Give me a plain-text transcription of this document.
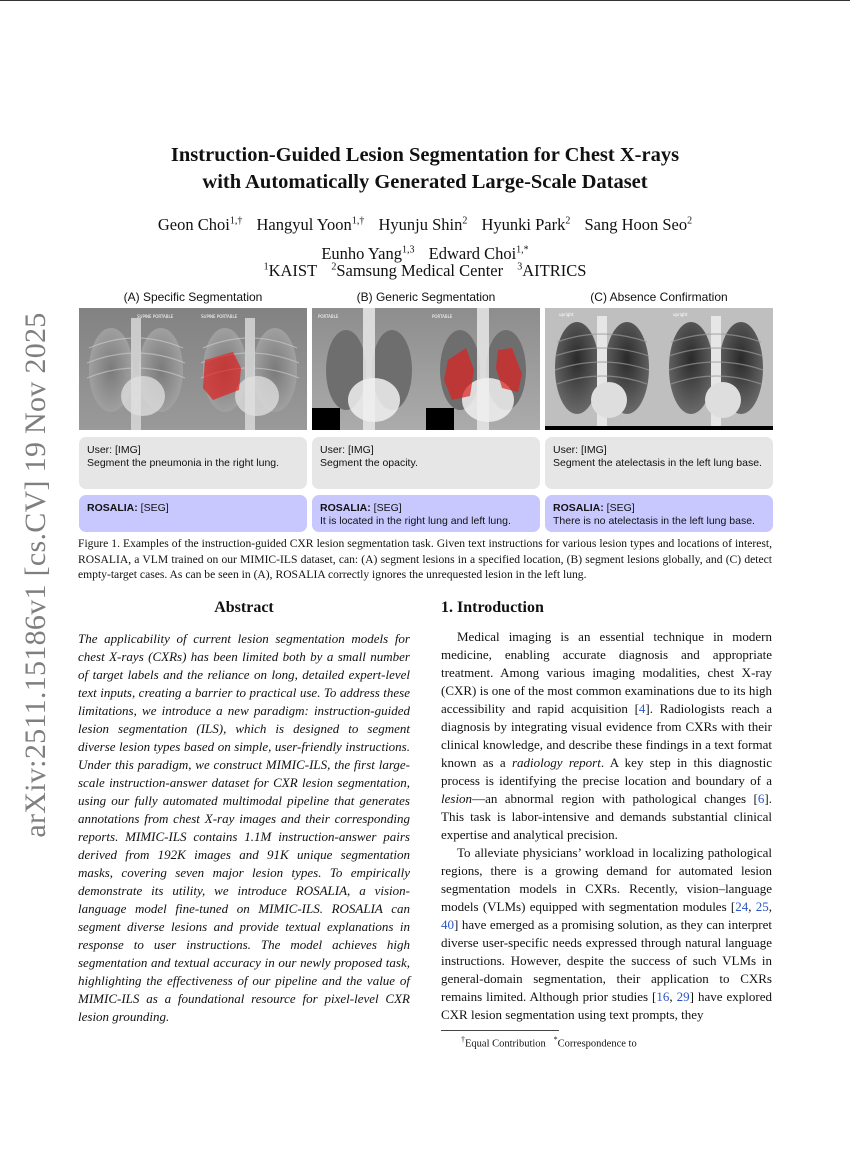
arXiv:2511.15186v1 [cs.CV] 19 Nov 2025
Instruction-Guided Lesion Segmentation for Chest X-rays
with Automatically Generated Large-Scale Dataset
Geon Choi$^{1,\dagger}$ Hangyul Yoon$^{1,\dagger}$ Hyunju Shin$^2$ Hyunki Park$^2$ Sang Hoon Seo$^2$
Eunho Yang$^{1,3}$ Edward Choi$^{1,*}$
$^1$KAIST $^2$Samsung Medical Center $^3$AITRICS
(A) Specific Segmentation
SUPINE PORTABLE	SUPINE PORTABLE
User: [IMG]
Segment the pneumonia in the right lung.
ROSALIA: [SEG]
(B) Generic Segmentation
PORTABLE	PORTABLE
User: [IMG]
Segment the opacity.
ROSALIA: [SEG]
It is located in the right lung and left lung.
(C) Absence Confirmation
upright	upright
User: [IMG]
Segment the atelectasis in the left lung base.
ROSALIA: [SEG]
There is no atelectasis in the left lung base.
Figure 1. Examples of the instruction-guided CXR lesion segmentation task. Given text instructions for various lesion types and locations of interest, ROSALIA, a VLM trained on our MIMIC-ILS dataset, can: (A) segment lesions in a specified location, (B) segment lesions globally, and (C) detect empty-target cases. As can be seen in (A), ROSALIA correctly ignores the unrequested lesion in the left lung.
Abstract
The applicability of current lesion segmentation models for chest X-rays (CXRs) has been limited both by a small number of target labels and the reliance on long, detailed expert-level text inputs, creating a barrier to practical use. To address these limitations, we introduce a new paradigm: instruction-guided lesion segmentation (ILS), which is designed to segment diverse lesion types based on simple, user-friendly instructions. Under this paradigm, we construct MIMIC-ILS, the first large-scale instruction-answer dataset for CXR lesion segmentation, using our fully automated multimodal pipeline that generates annotations from chest X-ray images and their corresponding reports. MIMIC-ILS contains 1.1M instruction-answer pairs derived from 192K images and 91K unique segmentation masks, covering seven major lesion types. To empirically demonstrate its utility, we introduce ROSALIA, a vision-language model fine-tuned on MIMIC-ILS. ROSALIA can segment diverse lesions and provide textual explanations in response to user instructions. The model achieves high segmentation and textual accuracy in our newly proposed task, highlighting the effectiveness of our pipeline and the value of MIMIC-ILS as a foundational resource for pixel-level CXR lesion grounding.
1. Introduction

Medical imaging is an essential technique in modern medicine, enabling accurate diagnosis and appropriate treatment. Among various imaging modalities, chest X-ray (CXR) is one of the most common examinations due to its high accessibility and rapid acquisition [4]. Radiologists reach a diagnosis by integrating visual evidence from CXRs with their clinical knowledge, and describe these findings in a text format known as a radiology report. A key step in this diagnostic process is identifying the precise location and boundary of a lesion—an abnormal region with pathological changes [6]. This task is labor-intensive and demands substantial clinical expertise and analytical precision.

To alleviate physicians’ workload in localizing pathological regions, there is a growing demand for automated lesion segmentation models in CXRs. Recently, vision–language models (VLMs) equipped with segmentation modules [24, 25, 40] have emerged as a promising solution, as they can interpret diverse user-specific needs expressed through natural language instructions. However, despite the success of such VLMs in general-domain segmentation, their application to CXRs remains limited. Although prior studies [16, 29] have explored CXR lesion segmentation using text prompts, they

†Equal Contribution *Correspondence to
